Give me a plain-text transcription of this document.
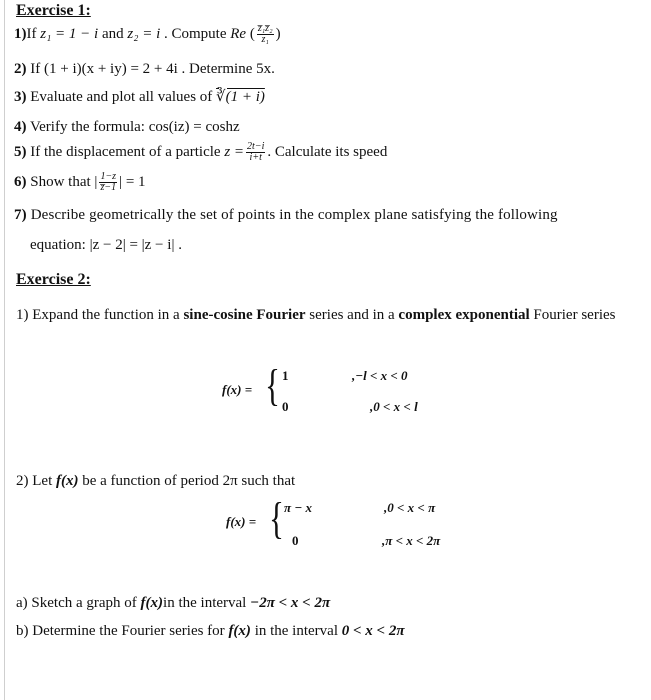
Exercise 1:
1)If z₁ = 1 − i and z₂ = i . Compute Re ( $\frac{\text{z̅₁z̅₂}}{\text{z₁}}$ )
2) If (1 + i)(x + iy) = 2 + 4i . Determine 5x.
3) Evaluate and plot all values of ∛(1 + i)
4) Verify the formula: cos(iz) = coshz
5) If the displacement of a particle $z = \frac{2t-i}{i+t}$ . Calculate its speed
6) Show that | $\frac{1-z}{z̅-1}$ | = 1
7) Describe geometrically the set of points in the complex plane satisfying the following
equation: |z − 2| = |z − i| .
Exercise 2:
1) Expand the function in a sine-cosine Fourier series and in a complex exponential Fourier series
f(x) = { 1
0
,−l < x < 0
,0 < x < l
2) Let f(x) be a function of period 2π such that
f(x) = { π − x
0
,0 < x < π
,π < x < 2π
a) Sketch a graph of f(x)in the interval −2π < x < 2π
b) Determine the Fourier series for f(x) in the interval 0 < x < 2π
